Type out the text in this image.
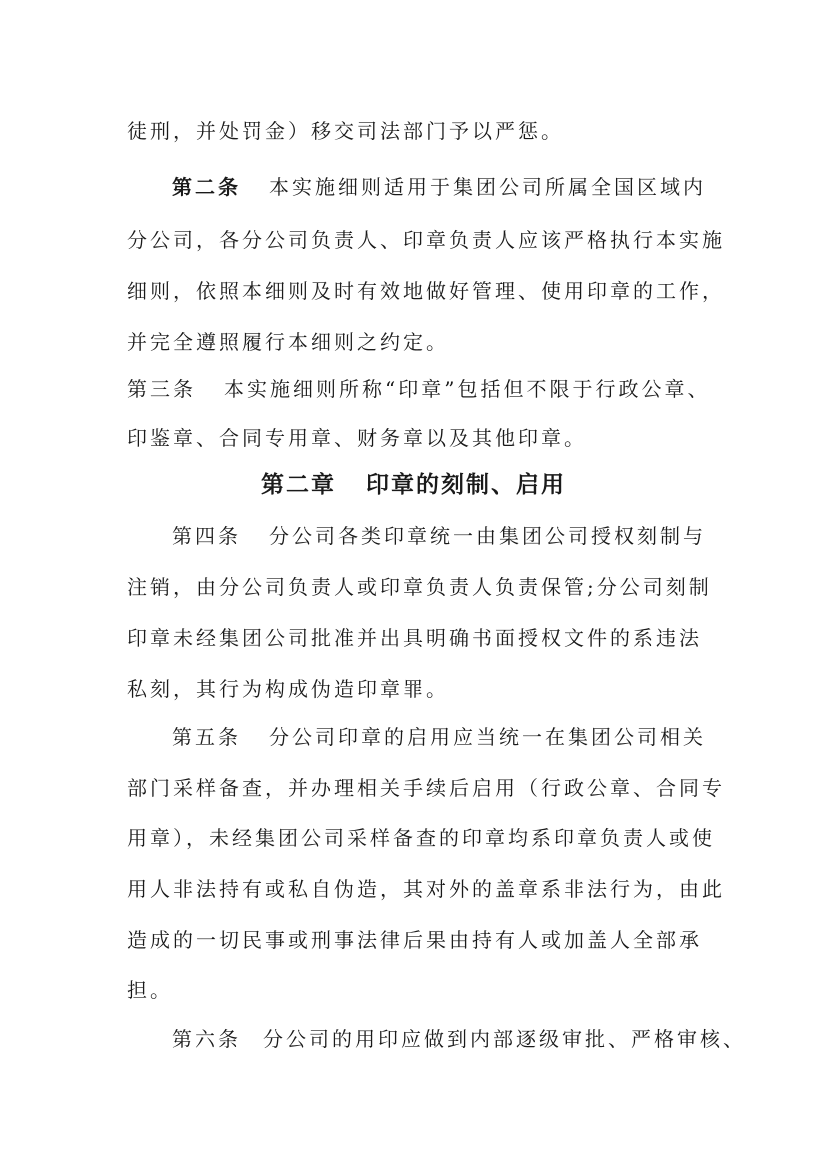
徒刑，并处罚金）移交司法部门予以严惩。
第二条 本实施细则适用于集团公司所属全国区域内
分公司，各分公司负责人、印章负责人应该严格执行本实施
细则，依照本细则及时有效地做好管理、使用印章的工作，
并完全遵照履行本细则之约定。
第三条 本实施细则所称“印章”包括但不限于行政公章、
印鉴章、合同专用章、财务章以及其他印章。
第二章 印章的刻制、启用
第四条 分公司各类印章统一由集团公司授权刻制与
注销，由分公司负责人或印章负责人负责保管;分公司刻制
印章未经集团公司批准并出具明确书面授权文件的系违法
私刻，其行为构成伪造印章罪。
第五条 分公司印章的启用应当统一在集团公司相关
部门采样备查，并办理相关手续后启用（行政公章、合同专
用章），未经集团公司采样备查的印章均系印章负责人或使
用人非法持有或私自伪造，其对外的盖章系非法行为，由此
造成的一切民事或刑事法律后果由持有人或加盖人全部承
担。
第六条 分公司的用印应做到内部逐级审批、严格审核、
